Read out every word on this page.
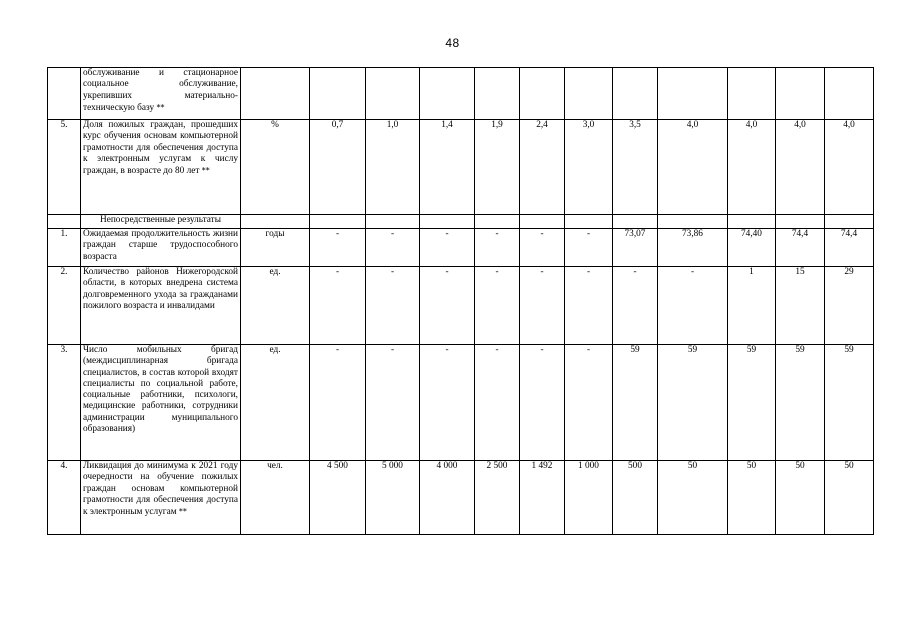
48
	обслуживание и стационарное социальное обслуживание, укрепивших материально-техническую базу **												
5.	Доля пожилых граждан, прошедших курс обучения основам компьютерной грамотности для обеспечения доступа к электронным услугам к числу граждан, в возрасте до 80 лет **	%	0,7	1,0	1,4	1,9	2,4	3,0	3,5	4,0	4,0	4,0	4,0
	Непосредственные результаты												
1.	Ожидаемая продолжительность жизни граждан старше трудоспособного возраста	годы	-	-	-	-	-	-	73,07	73,86	74,40	74,4	74,4
2.	Количество районов Нижегородской области, в которых внедрена система долговременного ухода за гражданами пожилого возраста и инвалидами	ед.	-	-	-	-	-	-	-	-	1	15	29
3.	Число мобильных бригад (междисциплинарная бригада специалистов, в состав которой входят специалисты по социальной работе, социальные работники, психологи, медицинские работники, сотрудники администрации муниципального образования)	ед.	-	-	-	-	-	-	59	59	59	59	59
4.	Ликвидация до минимума к 2021 году очередности на обучение пожилых граждан основам компьютерной грамотности для обеспечения доступа к электронным услугам **	чел.	4 500	5 000	4 000	2 500	1 492	1 000	500	50	50	50	50
